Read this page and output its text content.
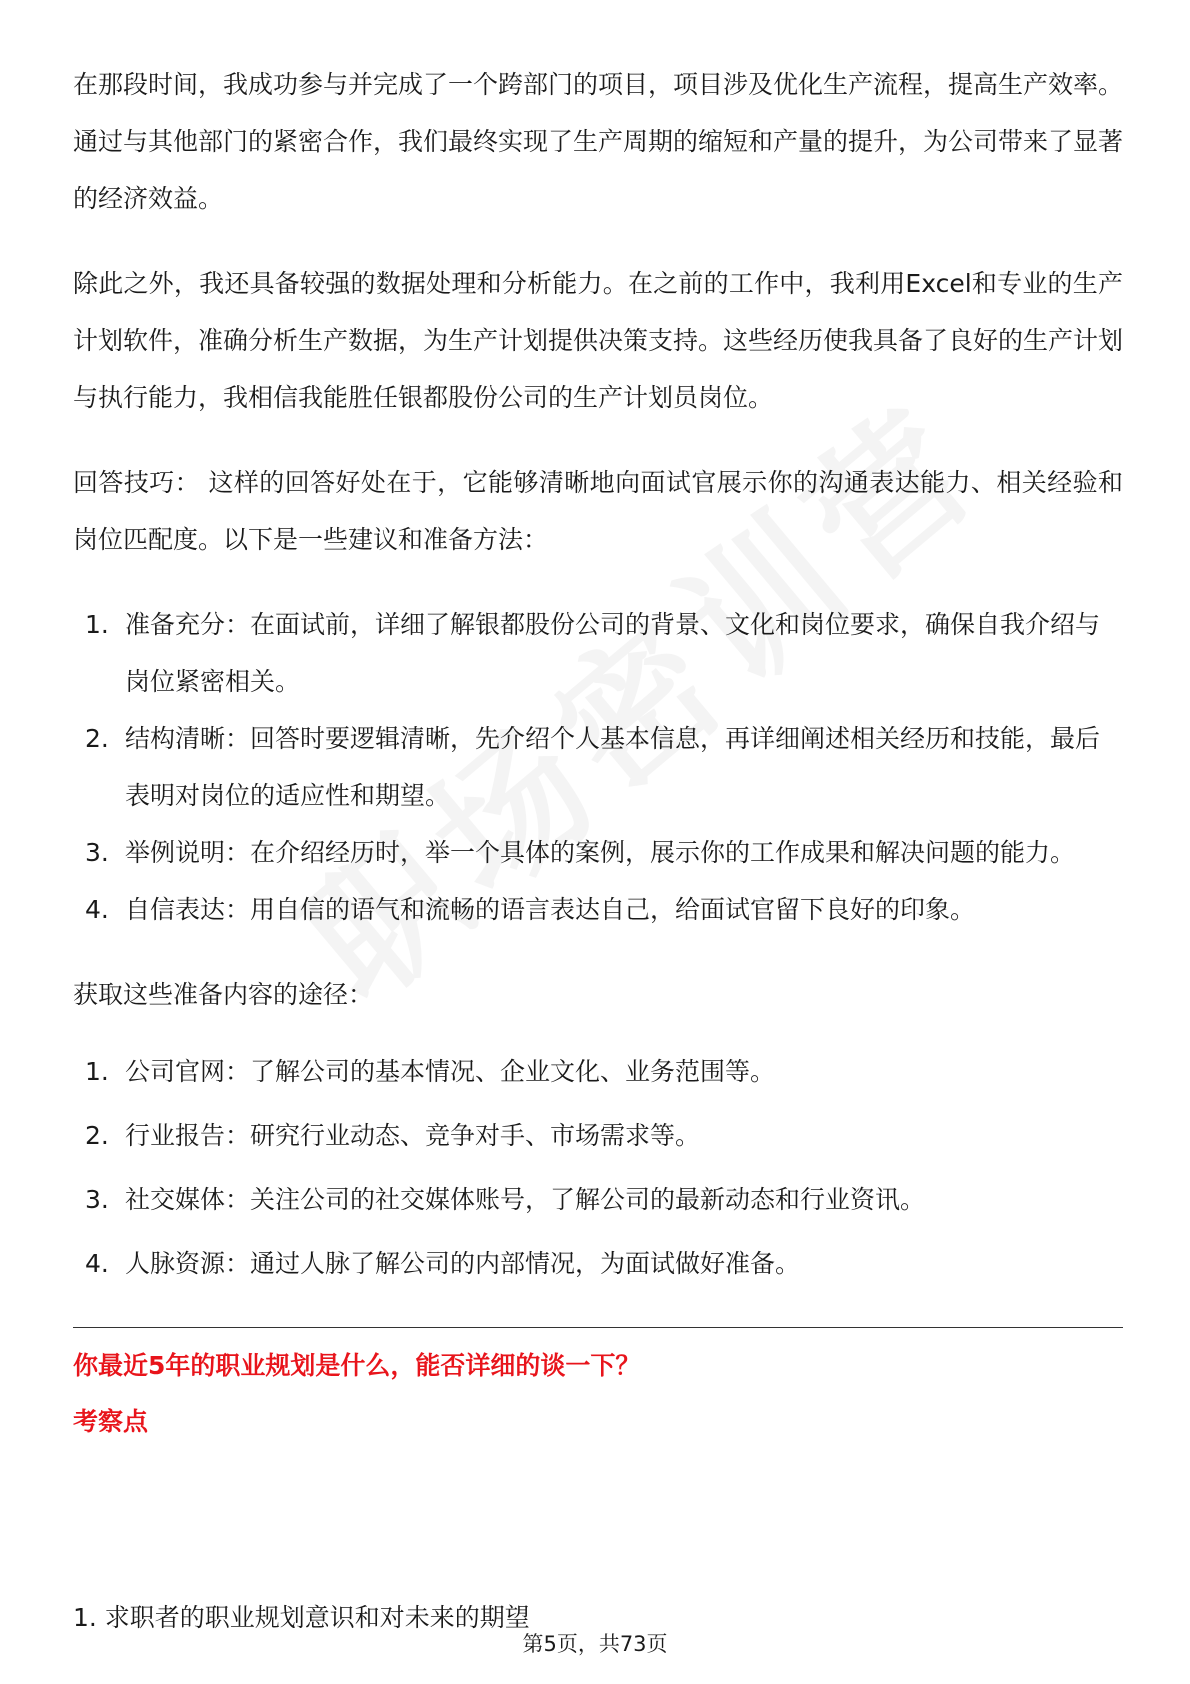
在那段时间，我成功参与并完成了一个跨部门的项目，项目涉及优化生产流程，提高生产效率。通过与其他部门的紧密合作，我们最终实现了生产周期的缩短和产量的提升，为公司带来了显著的经济效益。

除此之外，我还具备较强的数据处理和分析能力。在之前的工作中，我利用Excel和专业的生产计划软件，准确分析生产数据，为生产计划提供决策支持。这些经历使我具备了良好的生产计划与执行能力，我相信我能胜任银都股份公司的生产计划员岗位。

回答技巧： 这样的回答好处在于，它能够清晰地向面试官展示你的沟通表达能力、相关经验和岗位匹配度。以下是一些建议和准备方法：

1. 准备充分：在面试前，详细了解银都股份公司的背景、文化和岗位要求，确保自我介绍与岗位紧密相关。
2. 结构清晰：回答时要逻辑清晰，先介绍个人基本信息，再详细阐述相关经历和技能，最后表明对岗位的适应性和期望。
3. 举例说明：在介绍经历时，举一个具体的案例，展示你的工作成果和解决问题的能力。
4. 自信表达：用自信的语气和流畅的语言表达自己，给面试官留下良好的印象。

获取这些准备内容的途径：

1. 公司官网：了解公司的基本情况、企业文化、业务范围等。
2. 行业报告：研究行业动态、竞争对手、市场需求等。
3. 社交媒体：关注公司的社交媒体账号，了解公司的最新动态和行业资讯。
4. 人脉资源：通过人脉了解公司的内部情况，为面试做好准备。
你最近5年的职业规划是什么，能否详细的谈一下？
考察点
1. 求职者的职业规划意识和对未来的期望
第5页，共73页
